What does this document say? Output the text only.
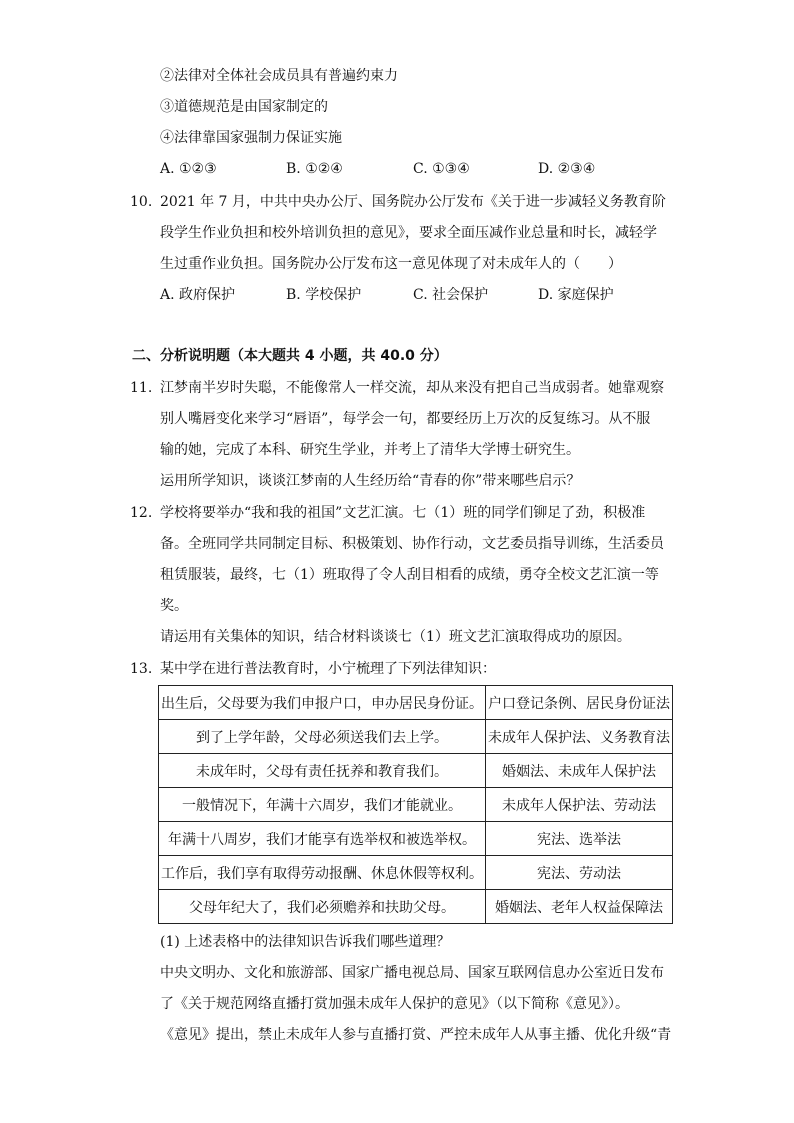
②法律对全体社会成员具有普遍约束力
③道德规范是由国家制定的
④法律靠国家强制力保证实施
A. ①②③	B. ①②④	C. ①③④	D. ②③④
10. 2021 年 7 月，中共中央办公厅、国务院办公厅发布《关于进一步减轻义务教育阶
段学生作业负担和校外培训负担的意见》，要求全面压减作业总量和时长，减轻学
生过重作业负担。国务院办公厅发布这一意见体现了对未成年人的（　　）
A. 政府保护	B. 学校保护	C. 社会保护	D. 家庭保护
二、分析说明题（本大题共 4 小题，共 40.0 分）
11. 江梦南半岁时失聪，不能像常人一样交流，却从来没有把自己当成弱者。她靠观察
别人嘴唇变化来学习“唇语”，每学会一句，都要经历上万次的反复练习。从不服
输的她，完成了本科、研究生学业，并考上了清华大学博士研究生。
运用所学知识，谈谈江梦南的人生经历给“青春的你”带来哪些启示？
12. 学校将要举办“我和我的祖国”文艺汇演。七（1）班的同学们铆足了劲，积极准
备。全班同学共同制定目标、积极策划、协作行动，文艺委员指导训练，生活委员
租赁服装，最终，七（1）班取得了令人刮目相看的成绩，勇夺全校文艺汇演一等
奖。
请运用有关集体的知识，结合材料谈谈七（1）班文艺汇演取得成功的原因。
13. 某中学在进行普法教育时，小宁梳理了下列法律知识：
出生后，父母要为我们申报户口，申办居民身份证。	户口登记条例、居民身份证法
到了上学年龄，父母必须送我们去上学。	未成年人保护法、义务教育法
未成年时，父母有责任抚养和教育我们。	婚姻法、未成年人保护法
一般情况下，年满十六周岁，我们才能就业。	未成年人保护法、劳动法
年满十八周岁，我们才能享有选举权和被选举权。	宪法、选举法
工作后，我们享有取得劳动报酬、休息休假等权利。	宪法、劳动法
父母年纪大了，我们必须赡养和扶助父母。	婚姻法、老年人权益保障法
(1) 上述表格中的法律知识告诉我们哪些道理？
中央文明办、文化和旅游部、国家广播电视总局、国家互联网信息办公室近日发布
了《关于规范网络直播打赏加强未成年人保护的意见》（以下简称《意见》）。
《意见》提出，禁止未成年人参与直播打赏、严控未成年人从事主播、优化升级“青
